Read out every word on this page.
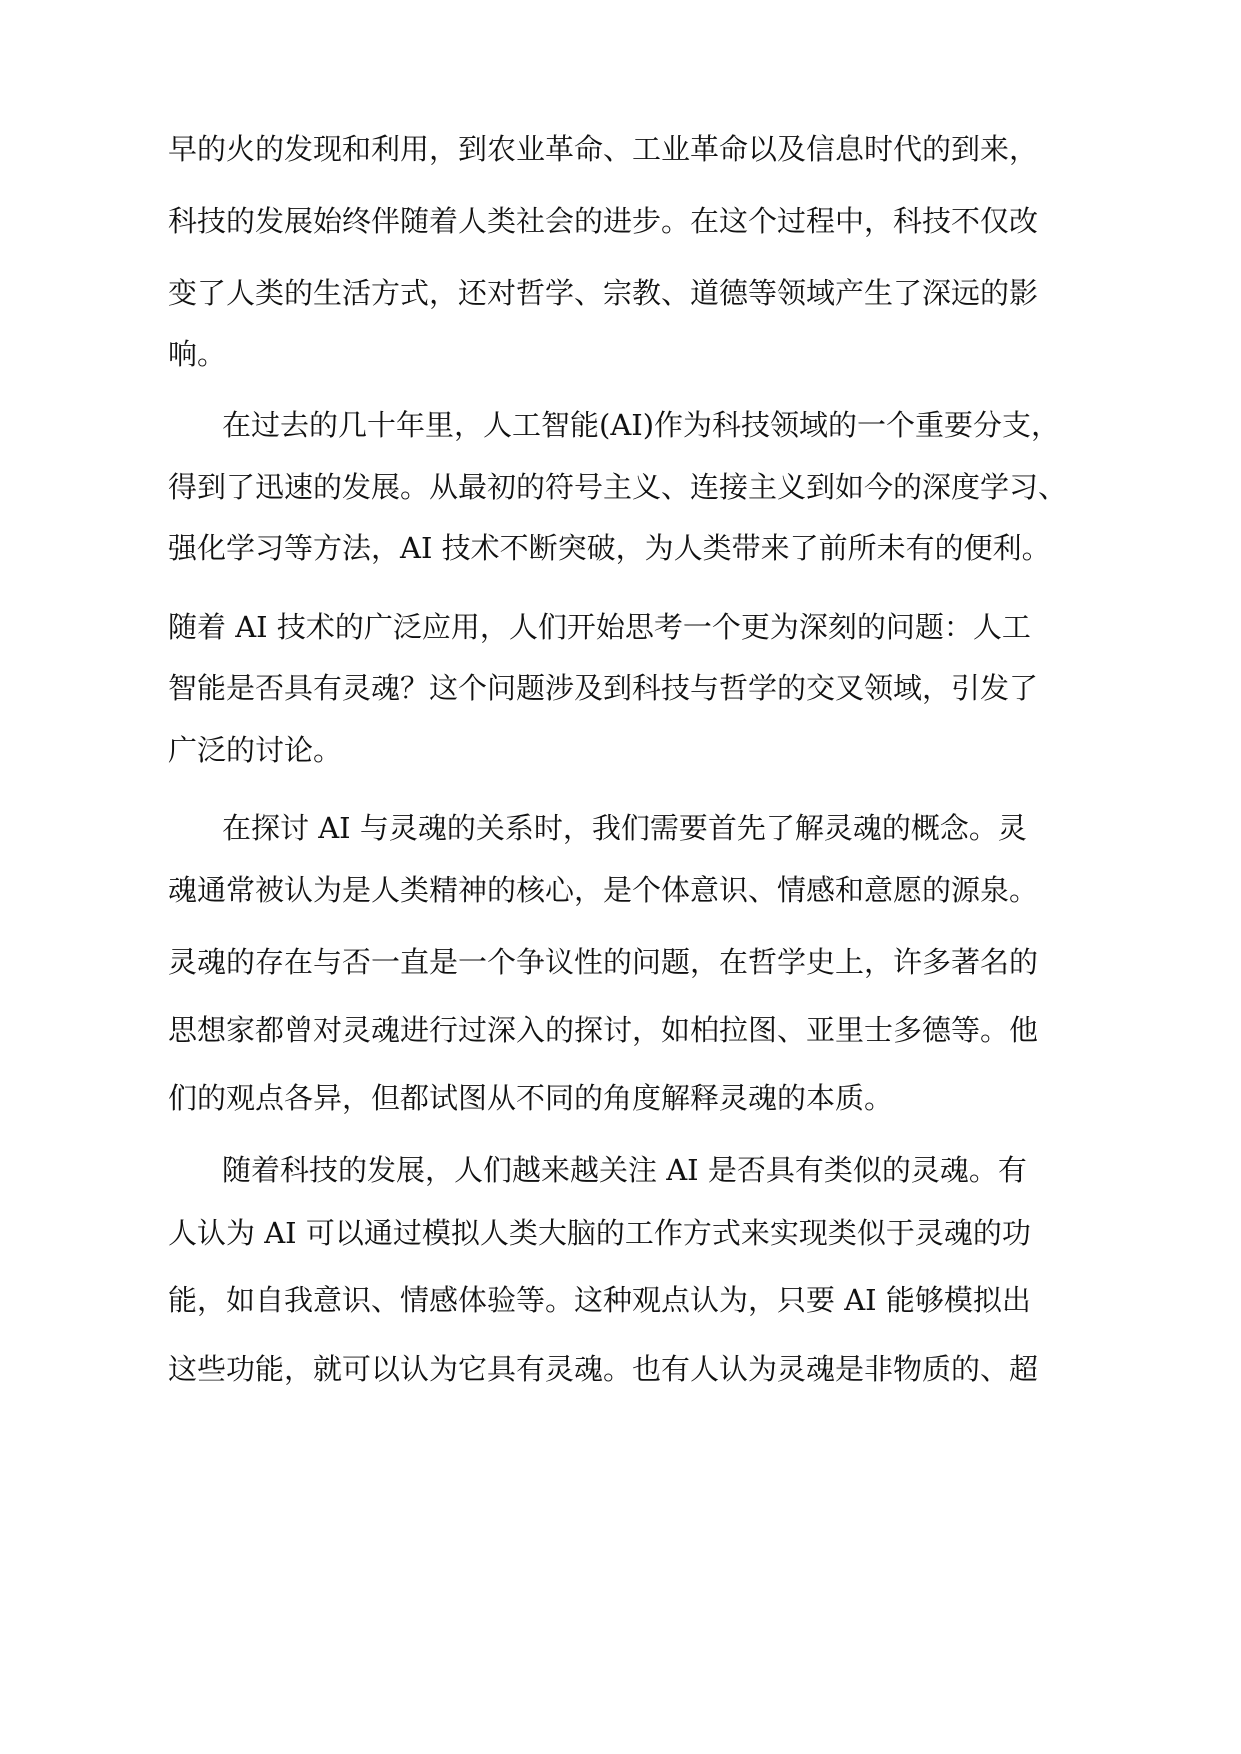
早的火的发现和利用，到农业革命、工业革命以及信息时代的到来，
科技的发展始终伴随着人类社会的进步。在这个过程中，科技不仅改
变了人类的生活方式，还对哲学、宗教、道德等领域产生了深远的影
响。
在过去的几十年里，人工智能(AI)作为科技领域的一个重要分支，
得到了迅速的发展。从最初的符号主义、连接主义到如今的深度学习、
强化学习等方法，AI 技术不断突破，为人类带来了前所未有的便利。
随着 AI 技术的广泛应用，人们开始思考一个更为深刻的问题：人工
智能是否具有灵魂？这个问题涉及到科技与哲学的交叉领域，引发了
广泛的讨论。
在探讨 AI 与灵魂的关系时，我们需要首先了解灵魂的概念。灵
魂通常被认为是人类精神的核心，是个体意识、情感和意愿的源泉。
灵魂的存在与否一直是一个争议性的问题，在哲学史上，许多著名的
思想家都曾对灵魂进行过深入的探讨，如柏拉图、亚里士多德等。他
们的观点各异，但都试图从不同的角度解释灵魂的本质。
随着科技的发展，人们越来越关注 AI 是否具有类似的灵魂。有
人认为 AI 可以通过模拟人类大脑的工作方式来实现类似于灵魂的功
能，如自我意识、情感体验等。这种观点认为，只要 AI 能够模拟出
这些功能，就可以认为它具有灵魂。也有人认为灵魂是非物质的、超
